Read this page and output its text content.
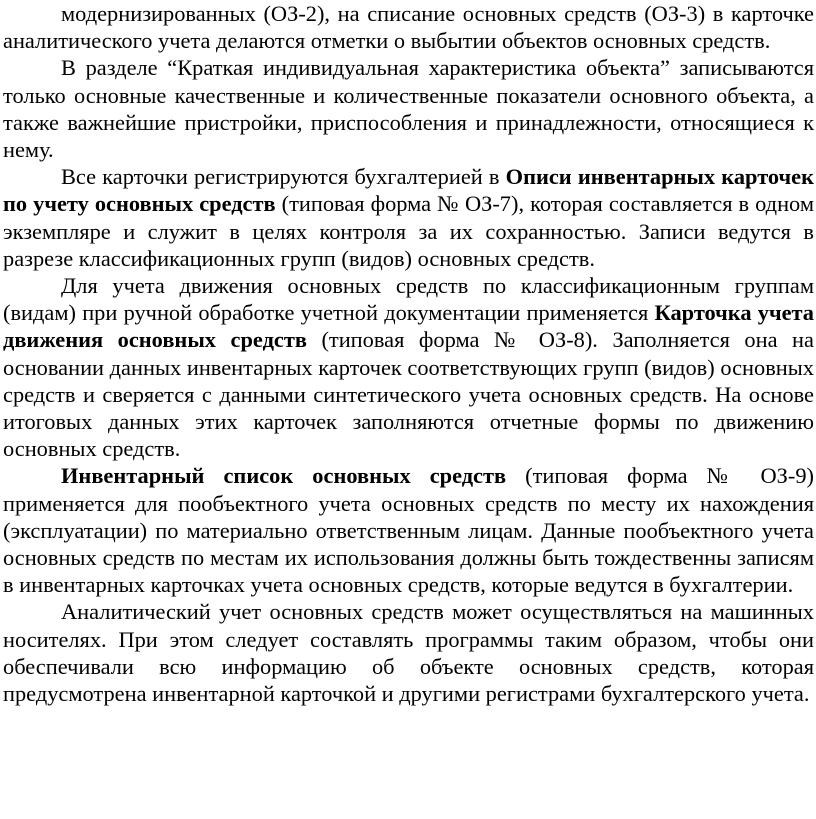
модернизированных (ОЗ-2), на списание основных средств (ОЗ-3) в карточке аналитического учета делаются отметки о выбытии объектов основных средств.

В разделе “Краткая индивидуальная характеристика объекта” записываются только основные качественные и количественные показатели основного объекта, а также важнейшие пристройки, приспособления и принадлежности, относящиеся к нему.

Все карточки регистрируются бухгалтерией в Описи инвентарных карточек по учету основных средств (типовая форма № ОЗ-7), которая составляется в одном экземпляре и служит в целях контроля за их сохранностью. Записи ведутся в разрезе классификационных групп (видов) основных средств.

Для учета движения основных средств по классификационным группам (видам) при ручной обработке учетной документации применяется Карточка учета движения основных средств (типовая форма № ОЗ-8). Заполняется она на основании данных инвентарных карточек соответствующих групп (видов) основных средств и сверяется с данными синтетического учета основных средств. На основе итоговых данных этих карточек заполняются отчетные формы по движению основных средств.

Инвентарный список основных средств (типовая форма № ОЗ-9) применяется для пообъектного учета основных средств по месту их нахождения (эксплуатации) по материально ответственным лицам. Данные пообъектного учета основных средств по местам их использования должны быть тождественны записям в инвентарных карточках учета основных средств, которые ведутся в бухгалтерии.

Аналитический учет основных средств может осуществляться на машинных носителях. При этом следует составлять программы таким образом, чтобы они обеспечивали всю информацию об объекте основных средств, которая предусмотрена инвентарной карточкой и другими регистрами бухгалтерского учета.
